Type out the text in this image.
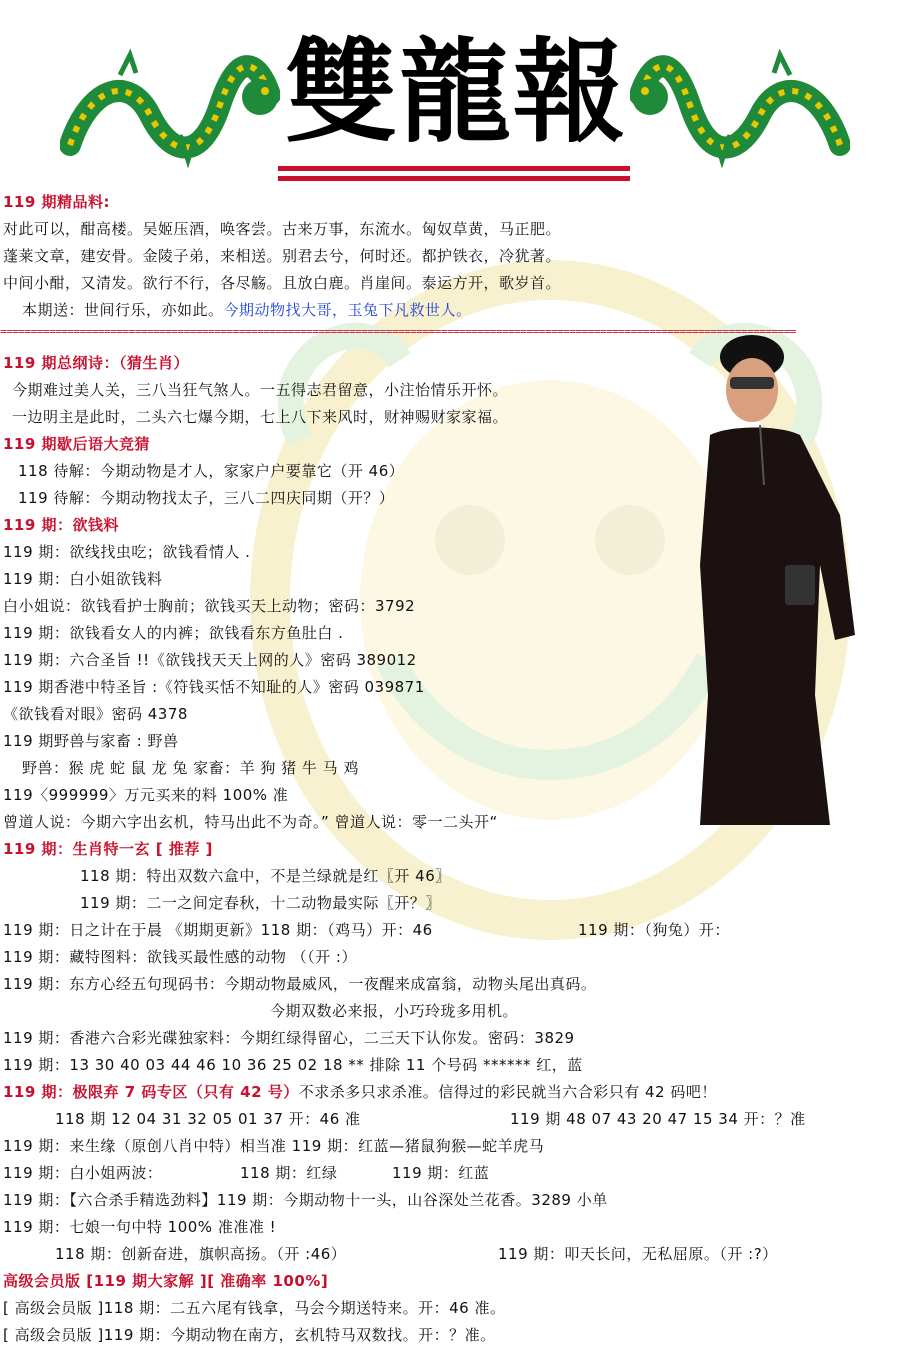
雙龍報
119 期精品料:
对此可以，酣高楼。吴姬压酒，唤客尝。古来万事，东流水。匈奴草黄，马正肥。
蓬莱文章，建安骨。金陵子弟，来相送。别君去兮，何时还。都护铁衣，冷犹著。
中间小酣，又清发。欲行不行，各尽觞。且放白鹿。肖崖间。泰运方开，歌岁首。
本期送：世间行乐，亦如此。今期动物找大哥，玉兔下凡救世人。
==================================================================================================================================
119 期总纲诗：（猜生肖）
今期难过美人关，三八当狂气煞人。一五得志君留意，小注怡情乐开怀。
一边明主是此时，二头六七爆今期，七上八下来风时，财神赐财家家福。
119 期歇后语大竞猜
118 待解：今期动物是才人，家家户户要靠它（开 46）
119 待解：今期动物找太子，三八二四庆同期（开？）
119 期：欲钱料
119 期：欲线找虫吃；欲钱看情人 .
119 期：白小姐欲钱料
白小姐说：欲钱看护士胸前；欲钱买天上动物；密码：3792
119 期：欲钱看女人的内裤；欲钱看东方鱼肚白 .
119 期：六合圣旨 !!《欲钱找天天上网的人》密码 389012
119 期香港中特圣旨 :《符钱买恬不知耻的人》密码 039871
《欲钱看对眼》密码 4378
119 期野兽与家畜 : 野兽
野兽：猴 虎 蛇 鼠 龙 兔 家畜：羊 狗 猪 牛 马 鸡
119〈999999〉万元买来的料 100% 准
曾道人说：今期六字出玄机，特马出此不为奇。” 曾道人说：零一二头开“
119 期：生肖特一玄 [ 推荐 ]
118 期：特出双数六盒中，不是兰绿就是红〖开 46〗
119 期：二一之间定春秋，十二动物最实际〖开？〗
119 期：日之计在于晨 《期期更新》118 期：（鸡马）开：46	119 期：（狗兔）开：
119 期：藏特图料：欲钱买最性感的动物 （（开 :）
119 期：东方心经五句现码书：今期动物最威风，一夜醒来成富翁，动物头尾出真码。
今期双数必来报，小巧玲珑多用机。
119 期：香港六合彩光碟独家料：今期红绿得留心，二三天下认你发。密码：3829
119 期：13 30 40 03 44 46 10 36 25 02 18 ** 排除 11 个号码 ****** 红，蓝
119 期：极限弃 7 码专区（只有 42 号）不求杀多只求杀准。信得过的彩民就当六合彩只有 42 码吧！
118 期 12 04 31 32 05 01 37 开：46 准	119 期 48 07 43 20 47 15 34 开：？准
119 期：来生缘（原创八肖中特）相当准 119 期：红蓝—猪鼠狗猴—蛇羊虎马
119 期：白小姐两波：	118 期：红绿	119 期：红蓝
119 期：【六合杀手精选劲料】119 期：今期动物十一头，山谷深处兰花香。3289 小单
119 期：七娘一句中特 100% 准准准 !
118 期：创新奋进，旗帜高扬。（开 :46）	119 期：叩天长问，无私屈原。（开 :?）
高级会员版 [119 期大家解 ][ 准确率 100%]
[ 高级会员版 ]118 期：二五六尾有钱拿，马会今期送特来。开：46 准。
[ 高级会员版 ]119 期：今期动物在南方，玄机特马双数找。开：？准。
